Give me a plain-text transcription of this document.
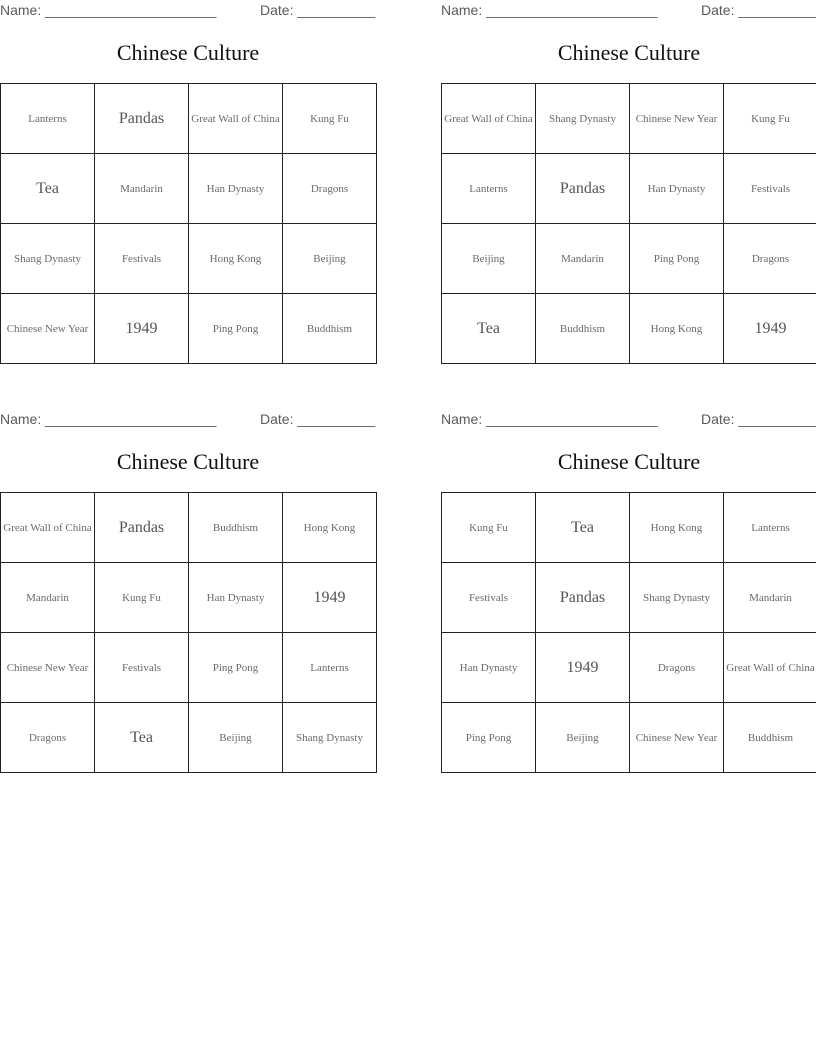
Name: ______________________	Date: __________
Chinese Culture
Lanterns	Pandas	Great Wall of China	Kung Fu
Tea	Mandarin	Han Dynasty	Dragons
Shang Dynasty	Festivals	Hong Kong	Beijing
Chinese New Year	1949	Ping Pong	Buddhism
Name: ______________________	Date: __________
Chinese Culture
Great Wall of China	Shang Dynasty	Chinese New Year	Kung Fu
Lanterns	Pandas	Han Dynasty	Festivals
Beijing	Mandarin	Ping Pong	Dragons
Tea	Buddhism	Hong Kong	1949
Name: ______________________	Date: __________
Chinese Culture
Great Wall of China	Pandas	Buddhism	Hong Kong
Mandarin	Kung Fu	Han Dynasty	1949
Chinese New Year	Festivals	Ping Pong	Lanterns
Dragons	Tea	Beijing	Shang Dynasty
Name: ______________________	Date: __________
Chinese Culture
Kung Fu	Tea	Hong Kong	Lanterns
Festivals	Pandas	Shang Dynasty	Mandarin
Han Dynasty	1949	Dragons	Great Wall of China
Ping Pong	Beijing	Chinese New Year	Buddhism
